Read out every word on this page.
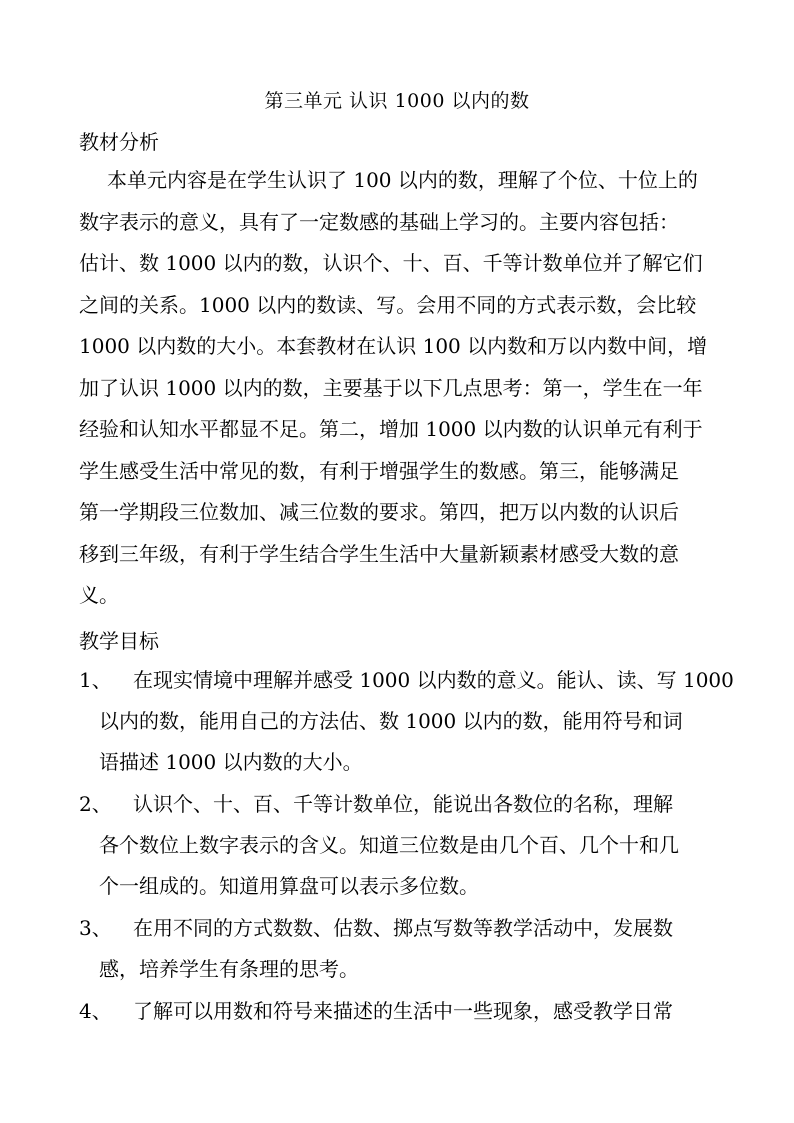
第三单元 认识 1000 以内的数
教材分析
本单元内容是在学生认识了 100 以内的数，理解了个位、十位上的
数字表示的意义，具有了一定数感的基础上学习的。主要内容包括：
估计、数 1000 以内的数，认识个、十、百、千等计数单位并了解它们
之间的关系。1000 以内的数读、写。会用不同的方式表示数，会比较
1000 以内数的大小。本套教材在认识 100 以内数和万以内数中间，增
加了认识 1000 以内的数，主要基于以下几点思考：第一，学生在一年
经验和认知水平都显不足。第二，增加 1000 以内数的认识单元有利于
学生感受生活中常见的数，有利于增强学生的数感。第三，能够满足
第一学期段三位数加、减三位数的要求。第四，把万以内数的认识后
移到三年级，有利于学生结合学生生活中大量新颖素材感受大数的意
义。
教学目标
1、	在现实情境中理解并感受 1000 以内数的意义。能认、读、写 1000
以内的数，能用自己的方法估、数 1000 以内的数，能用符号和词
语描述 1000 以内数的大小。
2、	认识个、十、百、千等计数单位，能说出各数位的名称，理解
各个数位上数字表示的含义。知道三位数是由几个百、几个十和几
个一组成的。知道用算盘可以表示多位数。
3、	在用不同的方式数数、估数、掷点写数等教学活动中，发展数
感，培养学生有条理的思考。
4、	了解可以用数和符号来描述的生活中一些现象，感受教学日常
